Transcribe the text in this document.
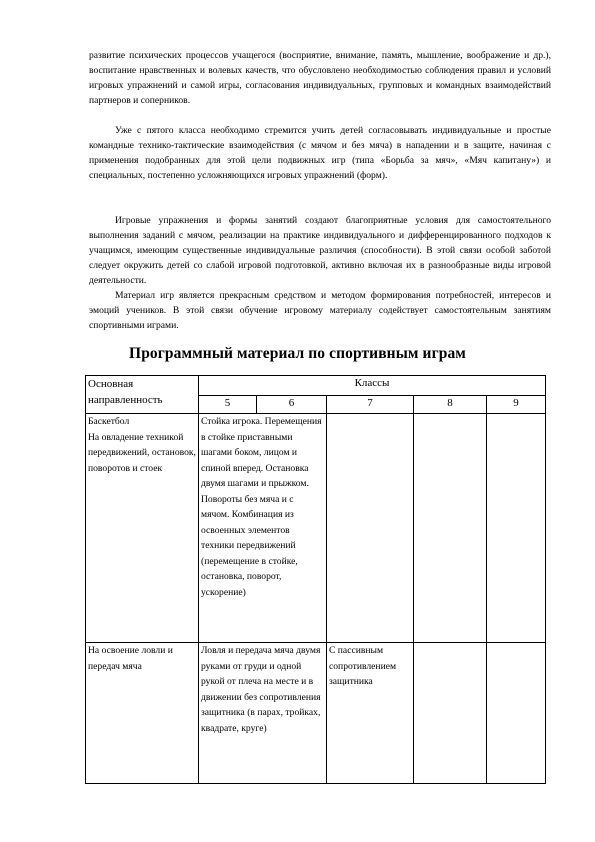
развитие психических процессов учащегося (восприятие, внимание, память, мышление, воображение и др.), воспитание нравственных и волевых качеств, что обусловлено необходимостью соблюдения правил и условий игровых упражнений и самой игры, согласования индивидуальных, групповых и командных взаимодействий партнеров и соперников.

Уже с пятого класса необходимо стремится учить детей согласовывать индивидуальные и простые командные технико-тактические взаимодействия (с мячом и без мяча) в нападении и в защите, начиная с применения подобранных для этой цели подвижных игр (типа «Борьба за мяч», «Мяч капитану») и специальных, постепенно усложняющихся игровых упражнений (форм).

Игровые упражнения и формы занятий создают благоприятные условия для самостоятельного выполнения заданий с мячом, реализации на практике индивидуального и дифференцированного подходов к учащимся, имеющим существенные индивидуальные различия (способности). В этой связи особой заботой следует окружить детей со слабой игровой подготовкой, активно включая их в разнообразные виды игровой деятельности.

Материал игр является прекрасным средством и методом формирования потребностей, интересов и эмоций учеников. В этой связи обучение игровому материалу содействует самостоятельным занятиям спортивными играми.

Программный материал по спортивным играм
Основная направленность	Классы				
	5	6	7	8	9

Баскетбол
На овладение техникой передвижений, остановок, поворотов и стоек	Стойка игрока. Перемещения в стойке приставными шагами боком, лицом и спиной вперед. Остановка двумя шагами и прыжком. Повороты без мяча и с мячом. Комбинация из освоенных элементов техники передвижений (перемещение в стойке, остановка, поворот, ускорение)				

На освоение ловли и передач мяча	Ловля и передача мяча двумя руками от груди и одной рукой от плеча на месте и в движении без сопротивления защитника (в парах, тройках, квадрате, круге)		С пассивным сопротивлением защитника		
